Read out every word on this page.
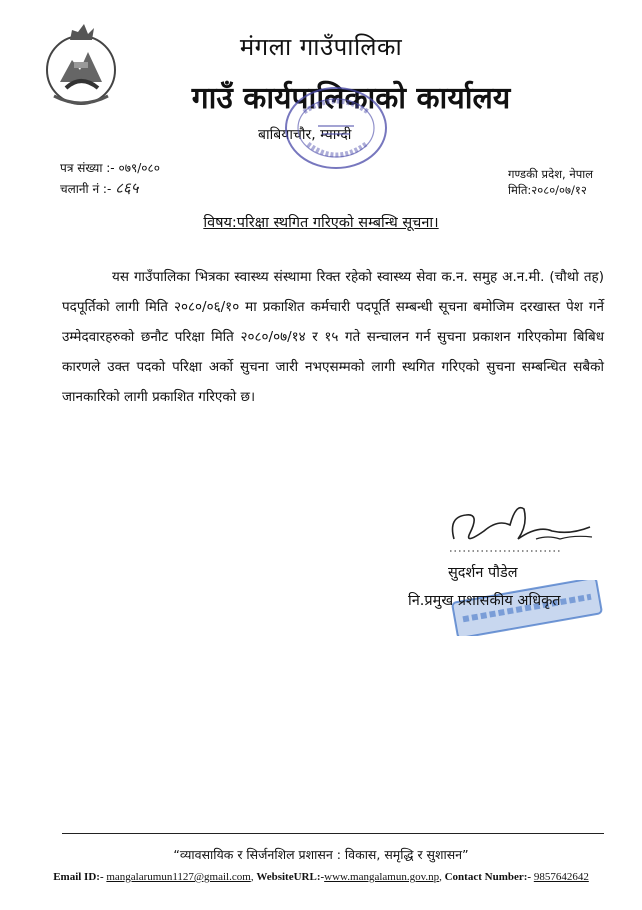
मंगला गाउँपालिका
गाउँ कार्यपालिकाको कार्यालय
बाबियाचौर, म्याग्दी
पत्र संख्या :- ०७९/०८०
चलानी नं :- ८६५
गण्डकी प्रदेश, नेपाल
मिति:२०८०/०७/१२
विषय:परिक्षा स्थगित गरिएको सम्बन्धि सूचना।

यस गाउँपालिका भित्रका स्वास्थ्य संस्थामा रिक्त रहेको स्वास्थ्य सेवा क.न. समुह अ.न.मी. (चौथो तह) पदपूर्तिको लागी मिति २०८०/०६/१० मा प्रकाशित कर्मचारी पदपूर्ति सम्बन्धी सूचना बमोजिम दरखास्त पेश गर्ने उम्मेदवारहरुको छनौट परिक्षा मिति २०८०/०७/१४ र १५ गते सन्चालन गर्न सुचना प्रकाशन गरिएकोमा बिबिध कारणले उक्त पदको परिक्षा अर्को सुचना जारी नभएसम्मको लागी स्थगित गरिएको सुचना सम्बन्धित सबैको जानकारिको लागी प्रकाशित गरिएको छ।

सुदर्शन पौडेल
नि.प्रमुख प्रशासकीय अधिकृत
“व्यावसायिक र सिर्जनशिल प्रशासन : विकास, समृद्धि र सुशासन”
Email ID:- mangalarumun1127@gmail.com, WebsiteURL:-www.mangalamun.gov.np, Contact Number:- 9857642642
